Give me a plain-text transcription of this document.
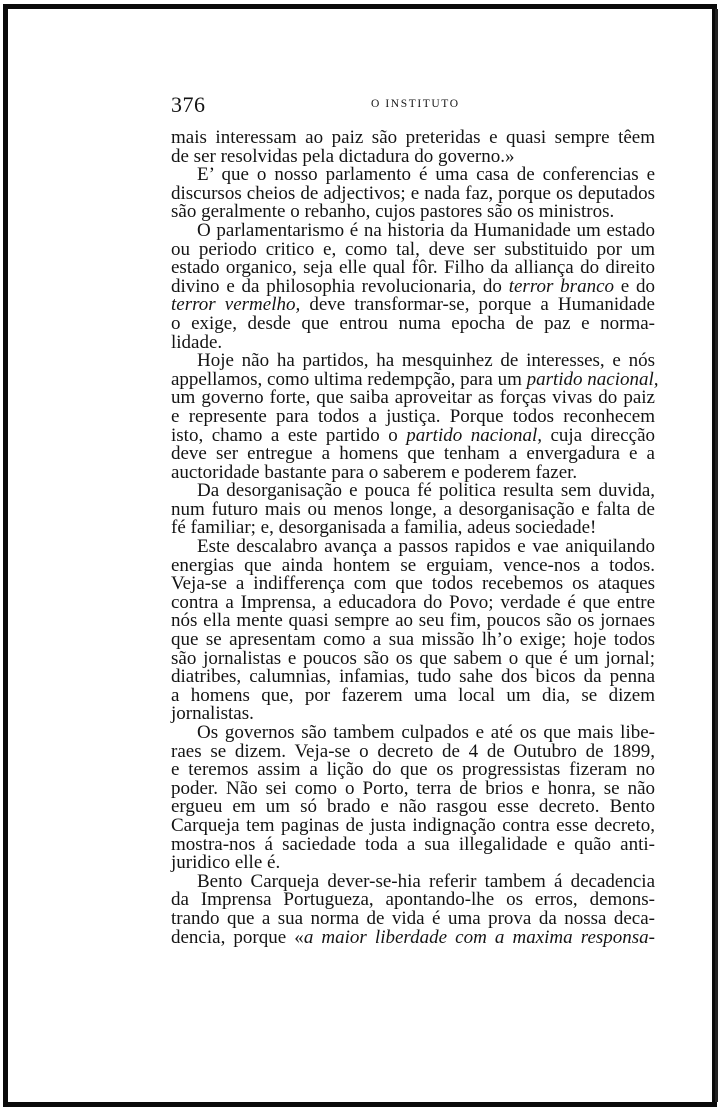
376	O INSTITUTO
mais interessam ao paiz são preteridas e quasi sempre têem
de ser resolvidas pela dictadura do governo.»
E’ que o nosso parlamento é uma casa de conferencias e
discursos cheios de adjectivos; e nada faz, porque os deputados
são geralmente o rebanho, cujos pastores são os ministros.
O parlamentarismo é na historia da Humanidade um estado
ou periodo critico e, como tal, deve ser substituido por um
estado organico, seja elle qual fôr. Filho da alliança do direito
divino e da philosophia revolucionaria, do terror branco e do
terror vermelho, deve transformar-se, porque a Humanidade
o exige, desde que entrou numa epocha de paz e norma-
lidade.
Hoje não ha partidos, ha mesquinhez de interesses, e nós
appellamos, como ultima redempção, para um partido nacional,
um governo forte, que saiba aproveitar as forças vivas do paiz
e represente para todos a justiça. Porque todos reconhecem
isto, chamo a este partido o partido nacional, cuja direcção
deve ser entregue a homens que tenham a envergadura e a
auctoridade bastante para o saberem e poderem fazer.
Da desorganisação e pouca fé politica resulta sem duvida,
num futuro mais ou menos longe, a desorganisação e falta de
fé familiar; e, desorganisada a familia, adeus sociedade!
Este descalabro avança a passos rapidos e vae aniquilando
energias que ainda hontem se erguiam, vence-nos a todos.
Veja-se a indifferença com que todos recebemos os ataques
contra a Imprensa, a educadora do Povo; verdade é que entre
nós ella mente quasi sempre ao seu fim, poucos são os jornaes
que se apresentam como a sua missão lh’o exige; hoje todos
são jornalistas e poucos são os que sabem o que é um jornal;
diatribes, calumnias, infamias, tudo sahe dos bicos da penna
a homens que, por fazerem uma local um dia, se dizem
jornalistas.
Os governos são tambem culpados e até os que mais libe-
raes se dizem. Veja-se o decreto de 4 de Outubro de 1899,
e teremos assim a lição do que os progressistas fizeram no
poder. Não sei como o Porto, terra de brios e honra, se não
ergueu em um só brado e não rasgou esse decreto. Bento
Carqueja tem paginas de justa indignação contra esse decreto,
mostra-nos á saciedade toda a sua illegalidade e quão anti-
juridico elle é.
Bento Carqueja dever-se-hia referir tambem á decadencia
da Imprensa Portugueza, apontando-lhe os erros, demons-
trando que a sua norma de vida é uma prova da nossa deca-
dencia, porque «a maior liberdade com a maxima responsa-
